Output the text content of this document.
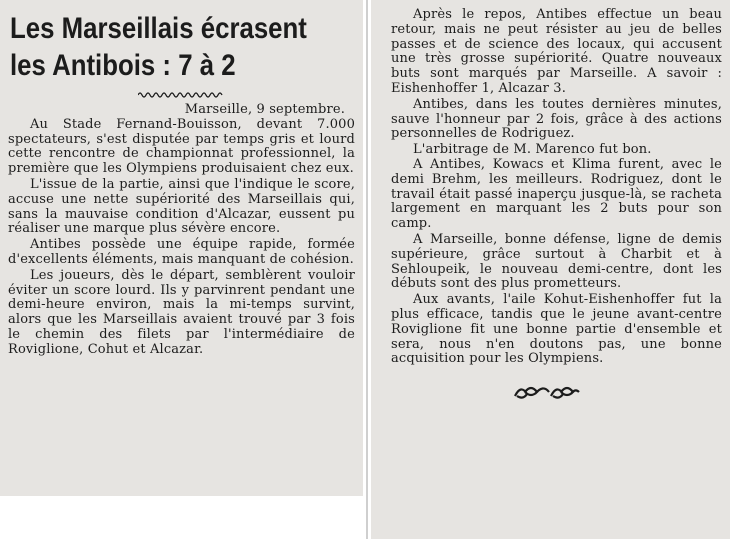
Les Marseillais écrasent
les Antibois : 7 à 2

Marseille, 9 septembre.

Au Stade Fernand-Bouisson, devant 7.000 spectateurs, s'est disputée par temps gris et lourd cette rencontre de championnat professionnel, la première que les Olympiens produisaient chez eux.

L'issue de la partie, ainsi que l'indique le score, accuse une nette supériorité des Marseillais qui, sans la mauvaise condition d'Alcazar, eussent pu réaliser une marque plus sévère encore.

Antibes possède une équipe rapide, formée d'excellents éléments, mais manquant de cohésion.

Les joueurs, dès le départ, semblèrent vouloir éviter un score lourd. Ils y parvinrent pendant une demi-heure environ, mais la mi-temps survint, alors que les Marseillais avaient trouvé par 3 fois le chemin des filets par l'intermédiaire de Roviglione, Cohut et Alcazar.

Après le repos, Antibes effectue un beau retour, mais ne peut résister au jeu de belles passes et de science des locaux, qui accusent une très grosse supériorité. Quatre nouveaux buts sont marqués par Marseille. A savoir : Eishenhoffer 1, Alcazar 3.

Antibes, dans les toutes dernières minutes, sauve l'honneur par 2 fois, grâce à des actions personnelles de Rodriguez.

L'arbitrage de M. Marenco fut bon.

A Antibes, Kowacs et Klima furent, avec le demi Brehm, les meilleurs. Rodriguez, dont le travail était passé inaperçu jusque-là, se racheta largement en marquant les 2 buts pour son camp.

A Marseille, bonne défense, ligne de demis supérieure, grâce surtout à Charbit et à Sehloupeik, le nouveau demi-centre, dont les débuts sont des plus prometteurs.

Aux avants, l'aile Kohut-Eishenhoffer fut la plus efficace, tandis que le jeune avant-centre Roviglione fit une bonne partie d'ensemble et sera, nous n'en doutons pas, une bonne acquisition pour les Olympiens.
